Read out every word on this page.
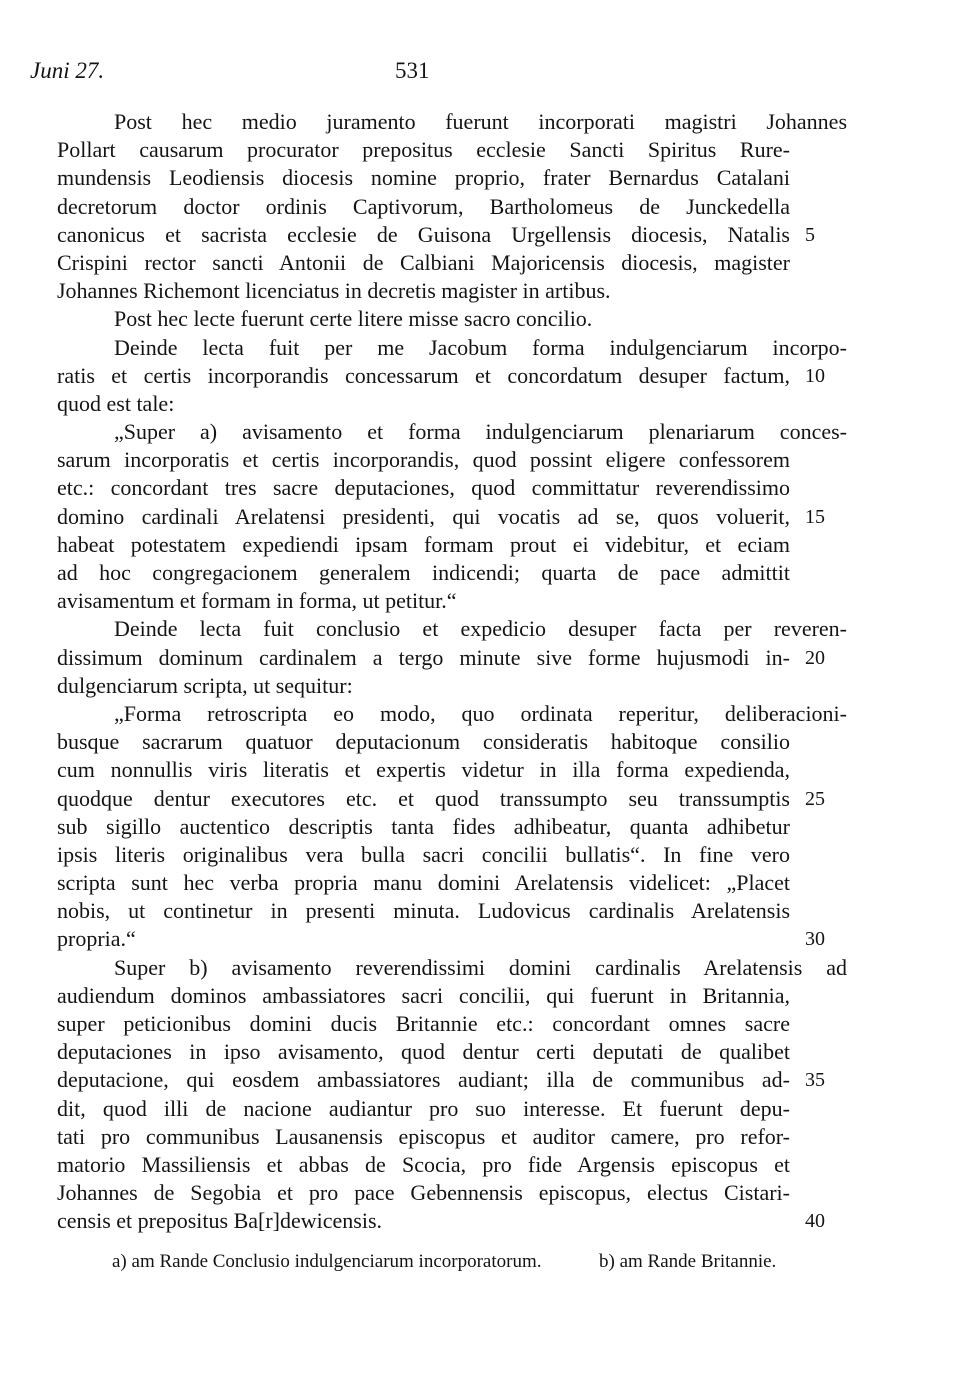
Juni 27.	531
Post hec medio juramento fuerunt incorporati magistri Johannes
Pollart causarum procurator prepositus ecclesie Sancti Spiritus Rure-
mundensis Leodiensis diocesis nomine proprio, frater Bernardus Catalani
decretorum doctor ordinis Captivorum, Bartholomeus de Junckedella
canonicus et sacrista ecclesie de Guisona Urgellensis diocesis, Natalis 5
Crispini rector sancti Antonii de Calbiani Majoricensis diocesis, magister
Johannes Richemont licenciatus in decretis magister in artibus.
Post hec lecte fuerunt certe litere misse sacro concilio.
Deinde lecta fuit per me Jacobum forma indulgenciarum incorpo-
ratis et certis incorporandis concessarum et concordatum desuper factum, 10
quod est tale:
„Super a) avisamento et forma indulgenciarum plenariarum conces-
sarum incorporatis et certis incorporandis, quod possint eligere confessorem
etc.: concordant tres sacre deputaciones, quod committatur reverendissimo
domino cardinali Arelatensi presidenti, qui vocatis ad se, quos voluerit, 15
habeat potestatem expediendi ipsam formam prout ei videbitur, et eciam
ad hoc congregacionem generalem indicendi; quarta de pace admittit
avisamentum et formam in forma, ut petitur.“
Deinde lecta fuit conclusio et expedicio desuper facta per reveren-
dissimum dominum cardinalem a tergo minute sive forme hujusmodi in- 20
dulgenciarum scripta, ut sequitur:
„Forma retroscripta eo modo, quo ordinata reperitur, deliberacioni-
busque sacrarum quatuor deputacionum consideratis habitoque consilio
cum nonnullis viris literatis et expertis videtur in illa forma expedienda,
quodque dentur executores etc. et quod transsumpto seu transsumptis 25
sub sigillo auctentico descriptis tanta fides adhibeatur, quanta adhibetur
ipsis literis originalibus vera bulla sacri concilii bullatis“. In fine vero
scripta sunt hec verba propria manu domini Arelatensis videlicet: „Placet
nobis, ut continetur in presenti minuta. Ludovicus cardinalis Arelatensis
propria.“	30
Super b) avisamento reverendissimi domini cardinalis Arelatensis ad
audiendum dominos ambassiatores sacri concilii, qui fuerunt in Britannia,
super peticionibus domini ducis Britannie etc.: concordant omnes sacre
deputaciones in ipso avisamento, quod dentur certi deputati de qualibet
deputacione, qui eosdem ambassiatores audiant; illa de communibus ad- 35
dit, quod illi de nacione audiantur pro suo interesse. Et fuerunt depu-
tati pro communibus Lausanensis episcopus et auditor camere, pro refor-
matorio Massiliensis et abbas de Scocia, pro fide Argensis episcopus et
Johannes de Segobia et pro pace Gebennensis episcopus, electus Cistari-
censis et prepositus Ba[r]dewicensis.	40
a) am Rande Conclusio indulgenciarum incorporatorum.	b) am Rande Britannie.
